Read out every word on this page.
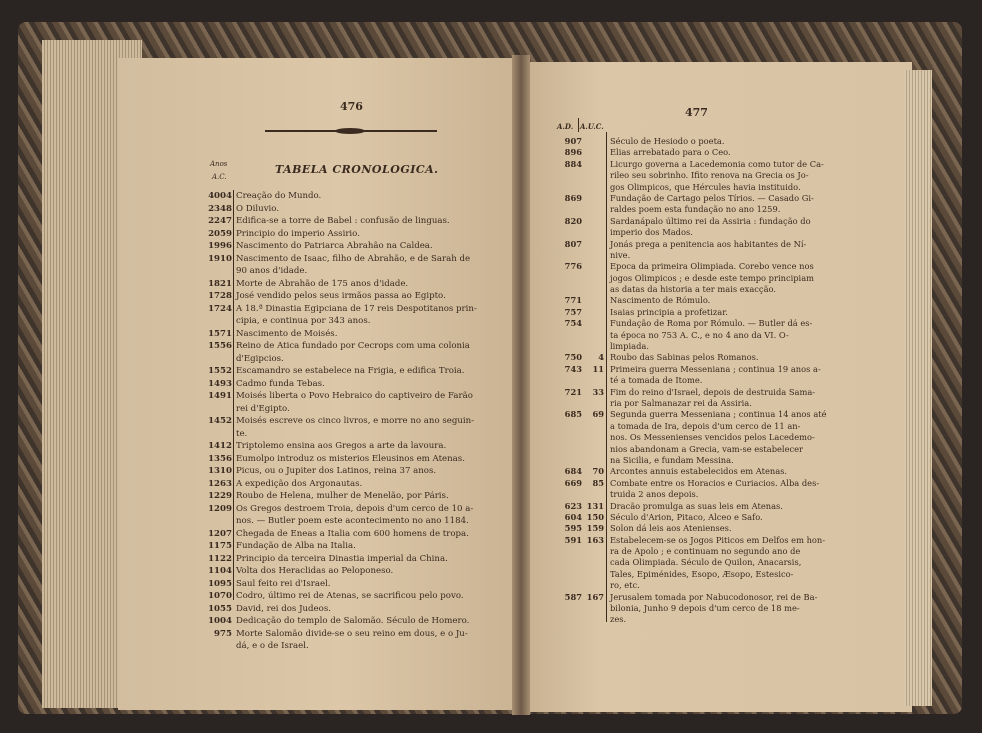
476
Anos
A.C.
TABELA CRONOLOGICA.
4004 Creação do Mundo.
2348 O Diluvio.
2247 Edifica-se a torre de Babel : confusão de linguas.
2059 Principio do imperio Assirio.
1996 Nascimento do Patriarca Abrahão na Caldea.
1910 Nascimento de Isaac, filho de Abrahão, e de Sarah de
90 anos d'idade.
1821 Morte de Abrahão de 175 anos d'idade.
1728 José vendido pelos seus irmãos passa ao Egipto.
1724 A 18.ª Dinastia Egipciana de 17 reis Despotitanos prin-
cipia, e continua por 343 anos.
1571 Nascimento de Moisés.
1556 Reino de Atica fundado por Cecrops com uma colonia
d'Egipcios.
1552 Escamandro se estabelece na Frigia, e edifica Troia.
1493 Cadmo funda Tebas.
1491 Moisés liberta o Povo Hebraico do captiveiro de Farão
rei d'Egipto.
1452 Moisés escreve os cinco livros, e morre no ano seguin-
te.
1412 Triptolemo ensina aos Gregos a arte da lavoura.
1356 Eumolpo introduz os misterios Eleusinos em Atenas.
1310 Picus, ou o Jupiter dos Latinos, reina 37 anos.
1263 A expedição dos Argonautas.
1229 Roubo de Helena, mulher de Menelão, por Páris.
1209 Os Gregos destroem Troia, depois d'um cerco de 10 a-
nos. — Butler poem este acontecimento no ano 1184.
1207 Chegada de Eneas a Italia com 600 homens de tropa.
1175 Fundação de Alba na Italia.
1122 Principio da terceira Dinastia imperial da China.
1104 Volta dos Heraclidas ao Peloponeso.
1095 Saul feito rei d'Israel.
1070 Codro, último rei de Atenas, se sacrificou pelo povo.
1055 David, rei dos Judeos.
1004 Dedicação do templo de Salomão. Século de Homero.
975 Morte Salomão divide-se o seu reino em dous, e o Ju-
dá, e o de Israel.
477
A.D. A.U.C.
907	Século de Hesiodo o poeta.
896	Elias arrebatado para o Ceo.
884	Licurgo governa a Lacedemonia como tutor de Ca-
rileo seu sobrinho. Ifito renova na Grecia os Jo-
gos Olimpicos, que Hércules havia instituido.
869	Fundação de Cartago pelos Tírios. — Casado Gi-
raldes poem esta fundação no ano 1259.
820	Sardanápalo último rei da Assiria : fundação do
imperio dos Mados.
807	Jonás prega a penitencia aos habitantes de Ní-
nive.
776	Epoca da primeira Olimpiada. Corebo vence nos
jogos Olimpicos ; e desde este tempo principiam
as datas da historia a ter mais exacção.
771	Nascimento de Rómulo.
757	Isaias principia a profetizar.
754	Fundação de Roma por Rómulo. — Butler dá es-
ta época no 753 A. C., e no 4 ano da VI. O-
limpiada.
750	4 Roubo das Sabinas pelos Romanos.
743	11 Primeira guerra Messeniana ; continua 19 anos a-
té a tomada de Itome.
721	33 Fim do reino d'Israel, depois de destruida Sama-
ria por Salmanazar rei da Assiria.
685	69 Segunda guerra Messeniana ; continua 14 anos até
a tomada de Ira, depois d'um cerco de 11 an-
nos. Os Messenienses vencidos pelos Lacedemo-
nios abandonam a Grecia, vam-se estabelecer
na Sicilia, e fundam Messina.
684	70 Arcontes annuis estabelecidos em Atenas.
669	85 Combate entre os Horacios e Curiacios. Alba des-
truida 2 anos depois.
623 131 Dracão promulga as suas leis em Atenas.
604 150 Século d'Arion, Pitaco, Alceo e Safo.
595 159 Solon dá leis aos Atenienses.
591 163 Estabelecem-se os Jogos Piticos em Delfos em hon-
ra de Apolo ; e continuam no segundo ano de
cada Olimpiada. Século de Quilon, Anacarsis,
Tales, Epiménides, Esopo, Æsopo, Estesico-
ro, etc.
587 167 Jerusalem tomada por Nabucodonosor, rei de Ba-
bilonia, Junho 9 depois d'um cerco de 18 me-
zes.
